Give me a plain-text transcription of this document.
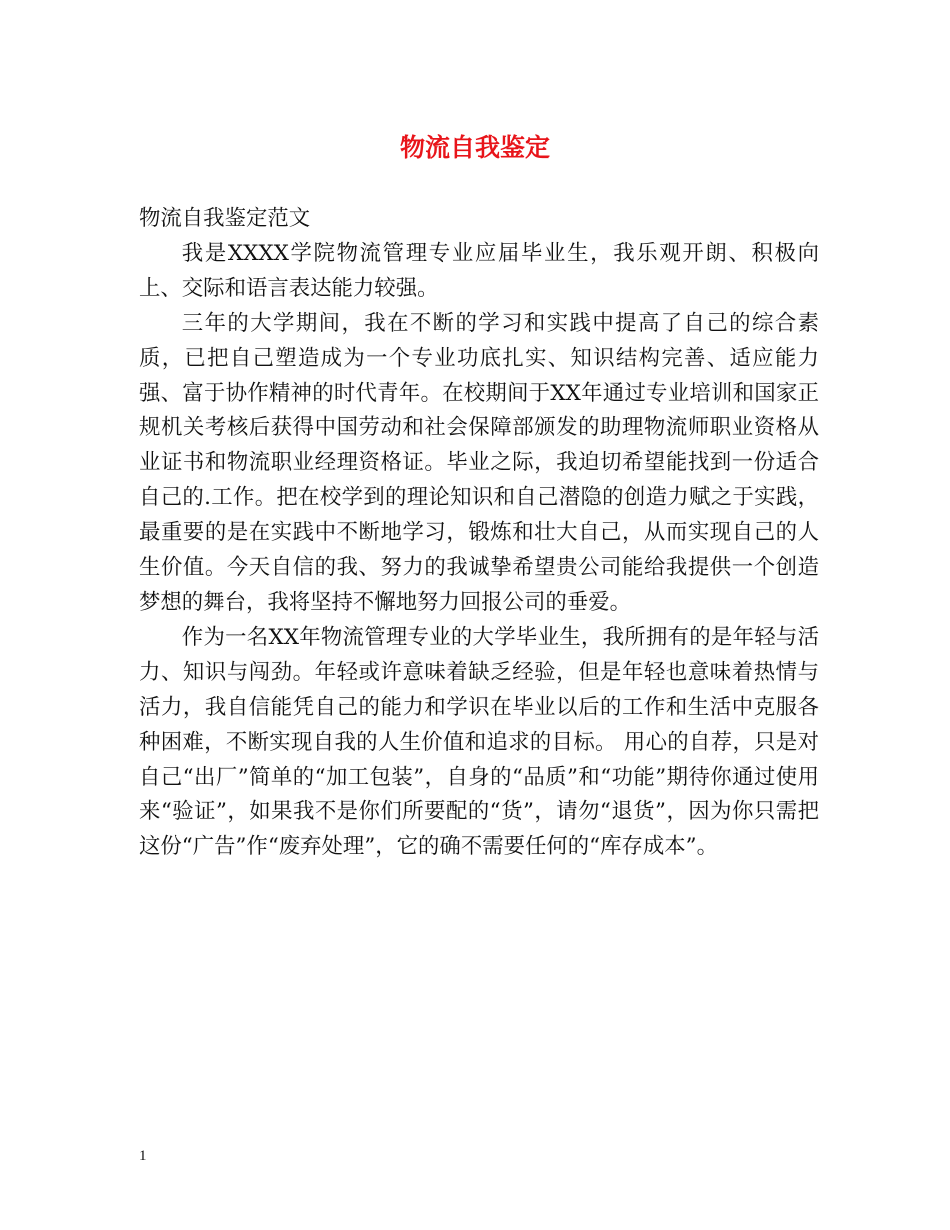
物流自我鉴定

物流自我鉴定范文

我是XXXX学院物流管理专业应届毕业生，我乐观开朗、积极向上、交际和语言表达能力较强。

三年的大学期间，我在不断的学习和实践中提高了自己的综合素质，已把自己塑造成为一个专业功底扎实、知识结构完善、适应能力强、富于协作精神的时代青年。在校期间于XX年通过专业培训和国家正规机关考核后获得中国劳动和社会保障部颁发的助理物流师职业资格从业证书和物流职业经理资格证。毕业之际，我迫切希望能找到一份适合自己的.工作。把在校学到的理论知识和自己潜隐的创造力赋之于实践，最重要的是在实践中不断地学习，锻炼和壮大自己，从而实现自己的人生价值。今天自信的我、努力的我诚挚希望贵公司能给我提供一个创造梦想的舞台，我将坚持不懈地努力回报公司的垂爱。

作为一名XX年物流管理专业的大学毕业生，我所拥有的是年轻与活力、知识与闯劲。年轻或许意味着缺乏经验，但是年轻也意味着热情与活力，我自信能凭自己的能力和学识在毕业以后的工作和生活中克服各种困难，不断实现自我的人生价值和追求的目标。 用心的自荐，只是对自己“出厂”简单的“加工包装”，自身的“品质”和“功能”期待你通过使用来“验证”，如果我不是你们所要配的“货”，请勿“退货”，因为你只需把这份“广告”作“废弃处理”，它的确不需要任何的“库存成本”。

1
